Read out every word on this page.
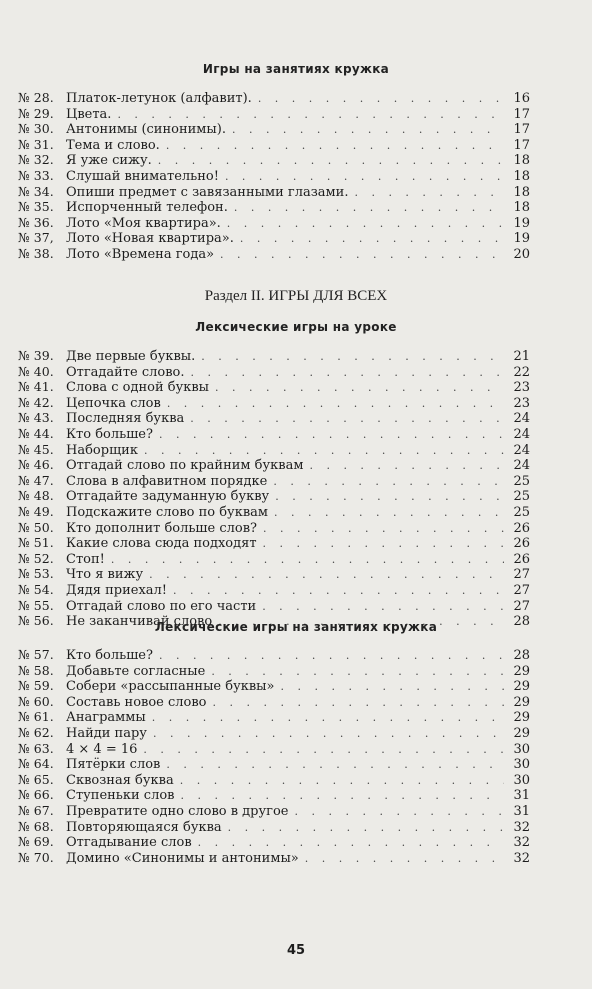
Игры на занятиях кружка
№ 28. Платок-летунок (алфавит). . . .	16
№ 29. Цвета. . . .	17
№ 30. Антонимы (синонимы). . . .	17
№ 31. Тема и слово. . . .	17
№ 32. Я уже сижу. . . .	18
№ 33. Слушай внимательно! . . .	18
№ 34. Опиши предмет с завязанными глазами. . . .	18
№ 35. Испорченный телефон. . . .	18
№ 36. Лото «Моя квартира». . . .	19
№ 37, Лото «Новая квартира». . . .	19
№ 38. Лото «Времена года» . . .	20
Раздел II. ИГРЫ ДЛЯ ВСЕХ
Лексические игры на уроке
№ 39. Две первые буквы. . . .	21
№ 40. Отгадайте слово. . . .	22
№ 41. Слова с одной буквы . . .	23
№ 42. Цепочка слов . . .	23
№ 43. Последняя буква . . .	24
№ 44. Кто больше? . . .	24
№ 45. Наборщик . . .	24
№ 46. Отгадай слово по крайним буквам . . .	24
№ 47. Слова в алфавитном порядке . . .	25
№ 48. Отгадайте задуманную букву . . .	25
№ 49. Подскажите слово по буквам . . .	25
№ 50. Кто дополнит больше слов? . . .	26
№ 51. Какие слова сюда подходят . . .	26
№ 52. Стоп! . . .	26
№ 53. Что я вижу . . .	27
№ 54. Дядя приехал! . . .	27
№ 55. Отгадай слово по его части . . .	27
№ 56. Не заканчивай слово . . .	28
Лексические игры на занятиях кружка
№ 57. Кто больше? . . .	28
№ 58. Добавьте согласные . . .	29
№ 59. Собери «рассыпанные буквы» . . .	29
№ 60. Составь новое слово . . .	29
№ 61. Анаграммы . . .	29
№ 62. Найди пару . . .	29
№ 63. 4 × 4 = 16 . . .	30
№ 64. Пятёрки слов . . .	30
№ 65. Сквозная буква . . .	30
№ 66. Ступеньки слов . . .	31
№ 67. Превратите одно слово в другое . . .	31
№ 68. Повторяющаяся буква . . .	32
№ 69. Отгадывание слов . . .	32
№ 70. Домино «Синонимы и антонимы» . . .	32
45
